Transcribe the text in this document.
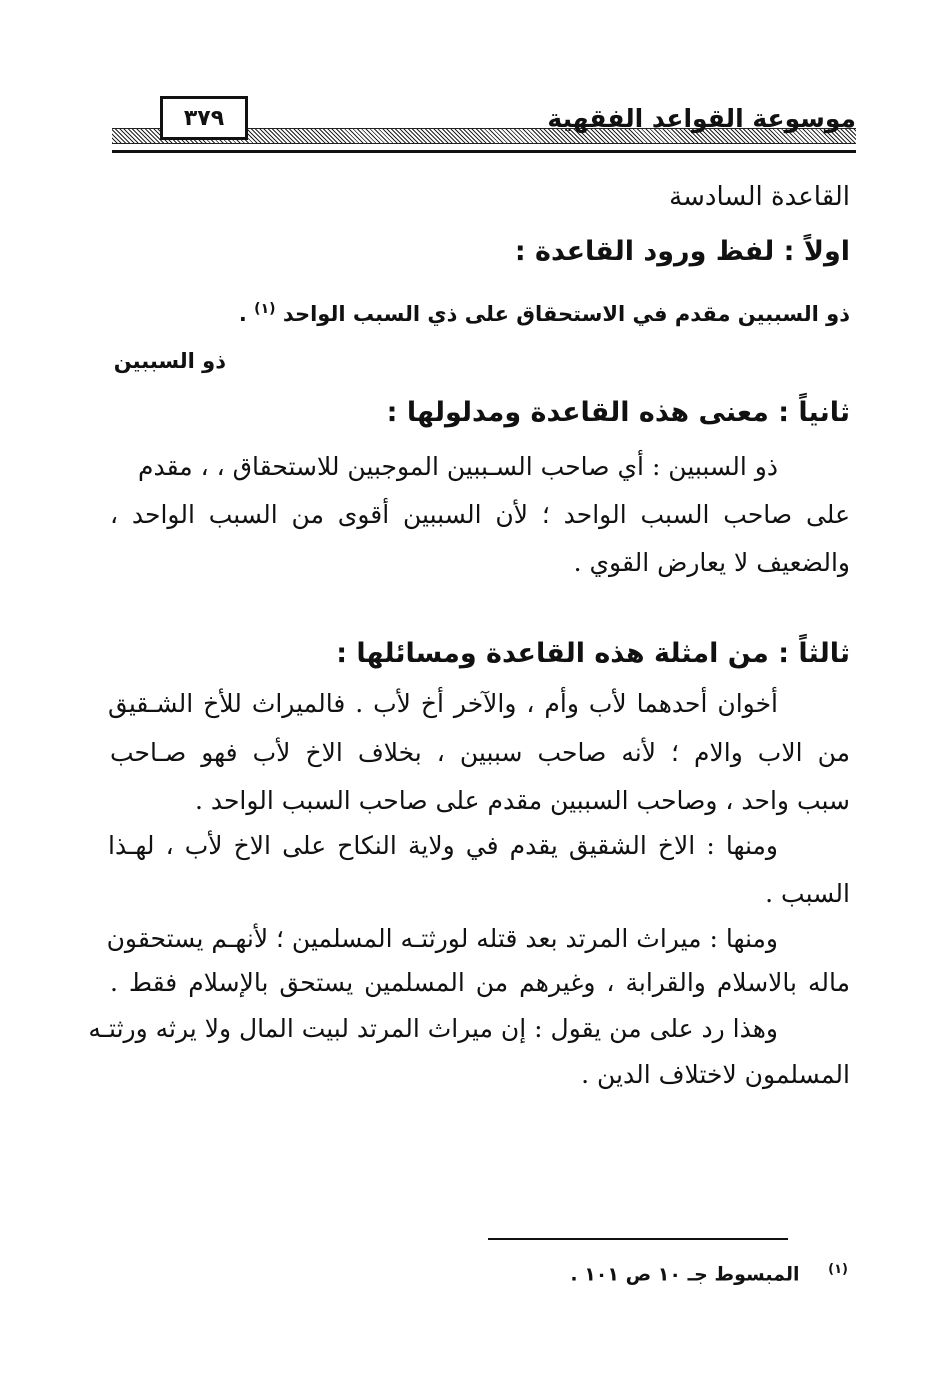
٣٧٩	موسوعة القواعد الفقهية
القاعدة السادسة
اولاً : لفظ ورود القاعدة :
ذو السببين مقدم في الاستحقاق على ذي السبب الواحد $^{(١)}$ .
ذو السببين
ثانياً : معنى هذه القاعدة ومدلولها :
ذو السببين : أي صاحب السـببين الموجبين للاستحقاق ، ، مقدم
على صاحب السبب الواحد ؛ لأن السببين أقوى من السبب الواحد ،
والضعيف لا يعارض القوي .
ثالثاً : من امثلة هذه القاعدة ومسائلها :
أخوان أحدهما لأب وأم ، والآخر أخ لأب . فالميراث للأخ الشـقيق
من الاب والام ؛ لأنه صاحب سببين ، بخلاف الاخ لأب فهو صـاحب
سبب واحد ، وصاحب السببين مقدم على صاحب السبب الواحد .
ومنها : الاخ الشقيق يقدم في ولاية النكاح على الاخ لأب ، لهـذا
السبب .
ومنها : ميراث المرتد بعد قتله لورثتـه المسلمين ؛ لأنهـم يستحقون
ماله بالاسلام والقرابة ، وغيرهم من المسلمين يستحق بالإسلام فقط .
وهذا رد على من يقول : إن ميراث المرتد لبيت المال ولا يرثه ورثتـه
المسلمون لاختلاف الدين .
$^{(١)}$ المبسوط جـ ١٠ ص ١٠١ .
